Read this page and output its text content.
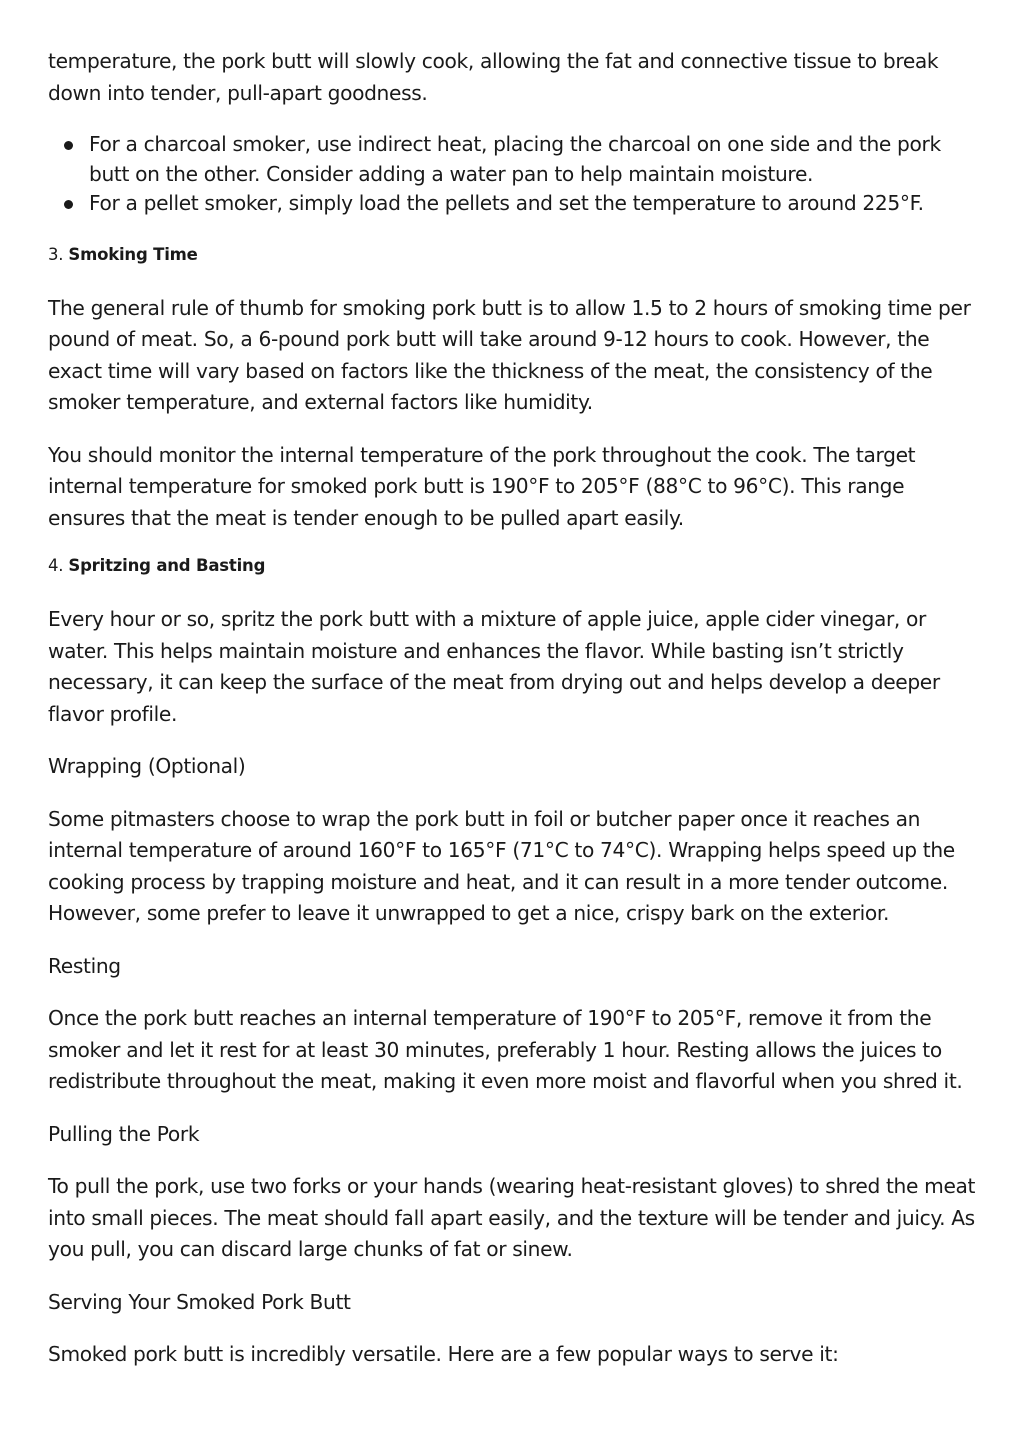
temperature, the pork butt will slowly cook, allowing the fat and connective tissue to break down into tender, pull-apart goodness.

For a charcoal smoker, use indirect heat, placing the charcoal on one side and the pork butt on the other. Consider adding a water pan to help maintain moisture.
For a pellet smoker, simply load the pellets and set the temperature to around 225°F.
3. Smoking Time

The general rule of thumb for smoking pork butt is to allow 1.5 to 2 hours of smoking time per pound of meat. So, a 6-pound pork butt will take around 9-12 hours to cook. However, the exact time will vary based on factors like the thickness of the meat, the consistency of the smoker temperature, and external factors like humidity.

You should monitor the internal temperature of the pork throughout the cook. The target internal temperature for smoked pork butt is 190°F to 205°F (88°C to 96°C). This range ensures that the meat is tender enough to be pulled apart easily.

4. Spritzing and Basting

Every hour or so, spritz the pork butt with a mixture of apple juice, apple cider vinegar, or water. This helps maintain moisture and enhances the flavor. While basting isn’t strictly necessary, it can keep the surface of the meat from drying out and helps develop a deeper flavor profile.

Wrapping (Optional)

Some pitmasters choose to wrap the pork butt in foil or butcher paper once it reaches an internal temperature of around 160°F to 165°F (71°C to 74°C). Wrapping helps speed up the cooking process by trapping moisture and heat, and it can result in a more tender outcome. However, some prefer to leave it unwrapped to get a nice, crispy bark on the exterior.

Resting

Once the pork butt reaches an internal temperature of 190°F to 205°F, remove it from the smoker and let it rest for at least 30 minutes, preferably 1 hour. Resting allows the juices to redistribute throughout the meat, making it even more moist and flavorful when you shred it.

Pulling the Pork

To pull the pork, use two forks or your hands (wearing heat-resistant gloves) to shred the meat into small pieces. The meat should fall apart easily, and the texture will be tender and juicy. As you pull, you can discard large chunks of fat or sinew.

Serving Your Smoked Pork Butt

Smoked pork butt is incredibly versatile. Here are a few popular ways to serve it:
